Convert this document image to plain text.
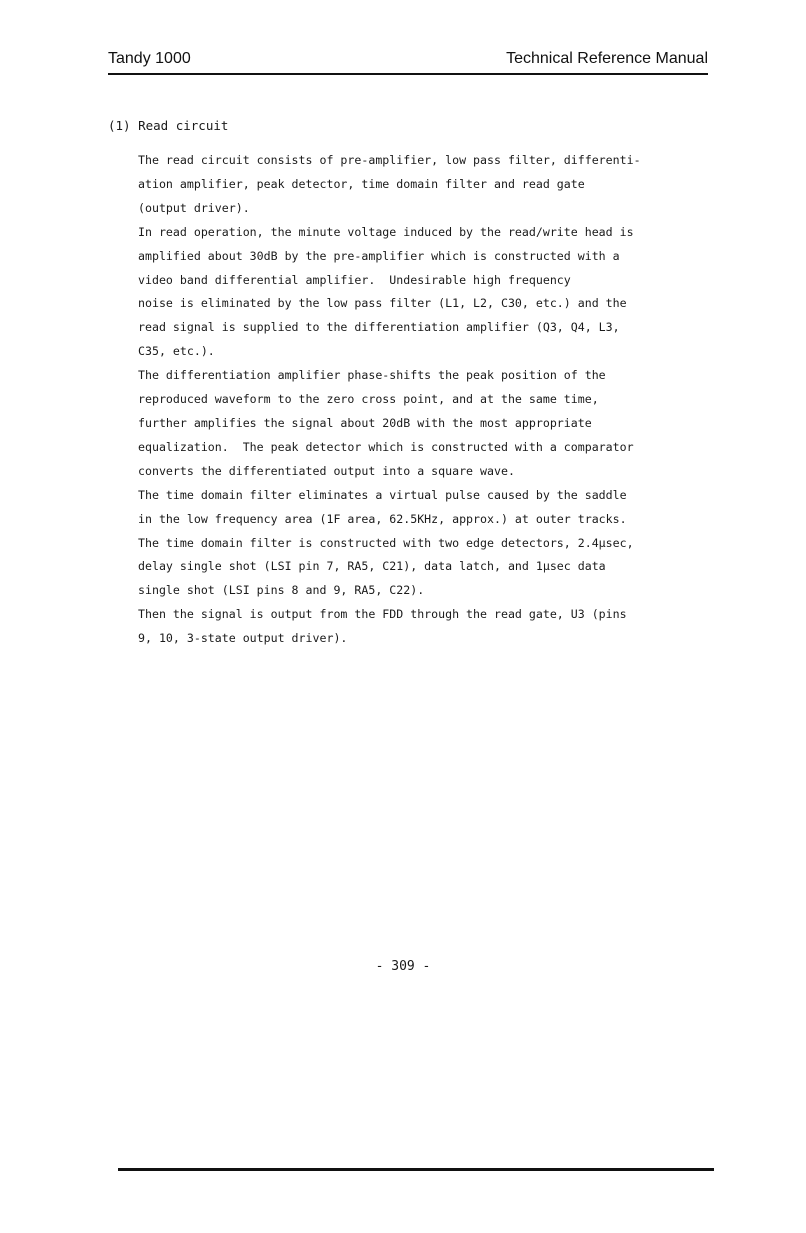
Tandy 1000	Technical Reference Manual
(1) Read circuit
The read circuit consists of pre-amplifier, low pass filter, differenti-
ation amplifier, peak detector, time domain filter and read gate
(output driver).
In read operation, the minute voltage induced by the read/write head is
amplified about 30dB by the pre-amplifier which is constructed with a
video band differential amplifier.  Undesirable high frequency
noise is eliminated by the low pass filter (L1, L2, C30, etc.) and the
read signal is supplied to the differentiation amplifier (Q3, Q4, L3,
C35, etc.).
The differentiation amplifier phase-shifts the peak position of the
reproduced waveform to the zero cross point, and at the same time,
further amplifies the signal about 20dB with the most appropriate
equalization.  The peak detector which is constructed with a comparator
converts the differentiated output into a square wave.
The time domain filter eliminates a virtual pulse caused by the saddle
in the low frequency area (1F area, 62.5KHz, approx.) at outer tracks.
The time domain filter is constructed with two edge detectors, 2.4µsec,
delay single shot (LSI pin 7, RA5, C21), data latch, and 1µsec data
single shot (LSI pins 8 and 9, RA5, C22).
Then the signal is output from the FDD through the read gate, U3 (pins
9, 10, 3-state output driver).
- 309 -
